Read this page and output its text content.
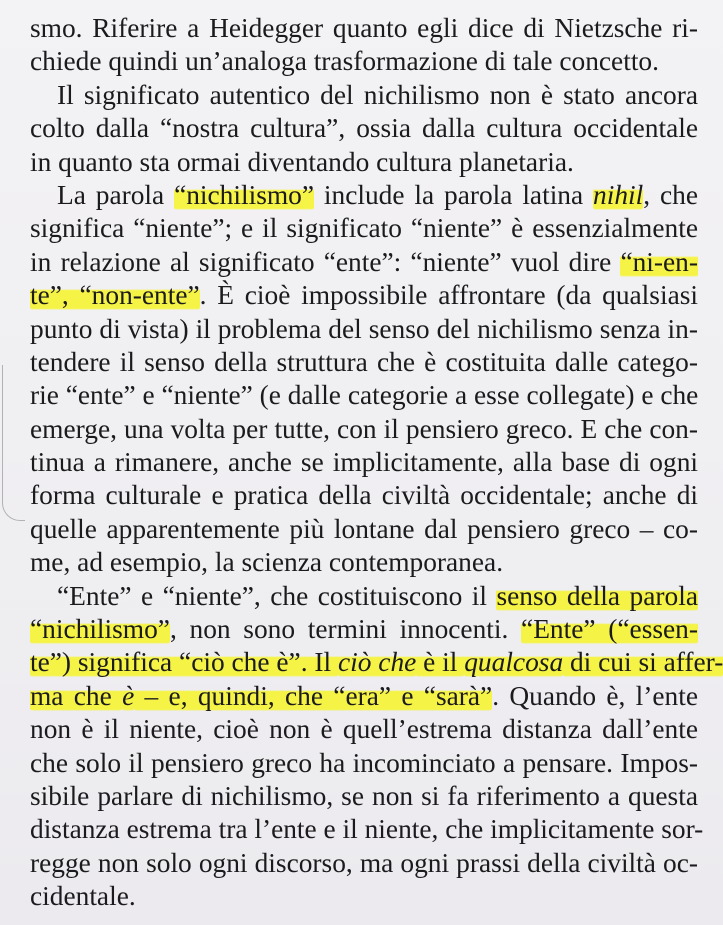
smo. Riferire a Heidegger quanto egli dice di Nietzsche ri-
chiede quindi un’analoga trasformazione di tale concetto.
Il significato autentico del nichilismo non è stato ancora
colto dalla “nostra cultura”, ossia dalla cultura occidentale
in quanto sta ormai diventando cultura planetaria.
La parola “nichilismo” include la parola latina nihil, che
significa “niente”; e il significato “niente” è essenzialmente
in relazione al significato “ente”: “niente” vuol dire “ni-en-
te”, “non-ente”. È cioè impossibile affrontare (da qualsiasi
punto di vista) il problema del senso del nichilismo senza in-
tendere il senso della struttura che è costituita dalle catego-
rie “ente” e “niente” (e dalle categorie a esse collegate) e che
emerge, una volta per tutte, con il pensiero greco. E che con-
tinua a rimanere, anche se implicitamente, alla base di ogni
forma culturale e pratica della civiltà occidentale; anche di
quelle apparentemente più lontane dal pensiero greco – co-
me, ad esempio, la scienza contemporanea.
“Ente” e “niente”, che costituiscono il senso della parola
“nichilismo”, non sono termini innocenti. “Ente” (“essen-
te”) significa “ciò che è”. Il ciò che è il qualcosa di cui si affer-
ma che è – e, quindi, che “era” e “sarà”. Quando è, l’ente
non è il niente, cioè non è quell’estrema distanza dall’ente
che solo il pensiero greco ha incominciato a pensare. Impos-
sibile parlare di nichilismo, se non si fa riferimento a questa
distanza estrema tra l’ente e il niente, che implicitamente sor-
regge non solo ogni discorso, ma ogni prassi della civiltà oc-
cidentale.
